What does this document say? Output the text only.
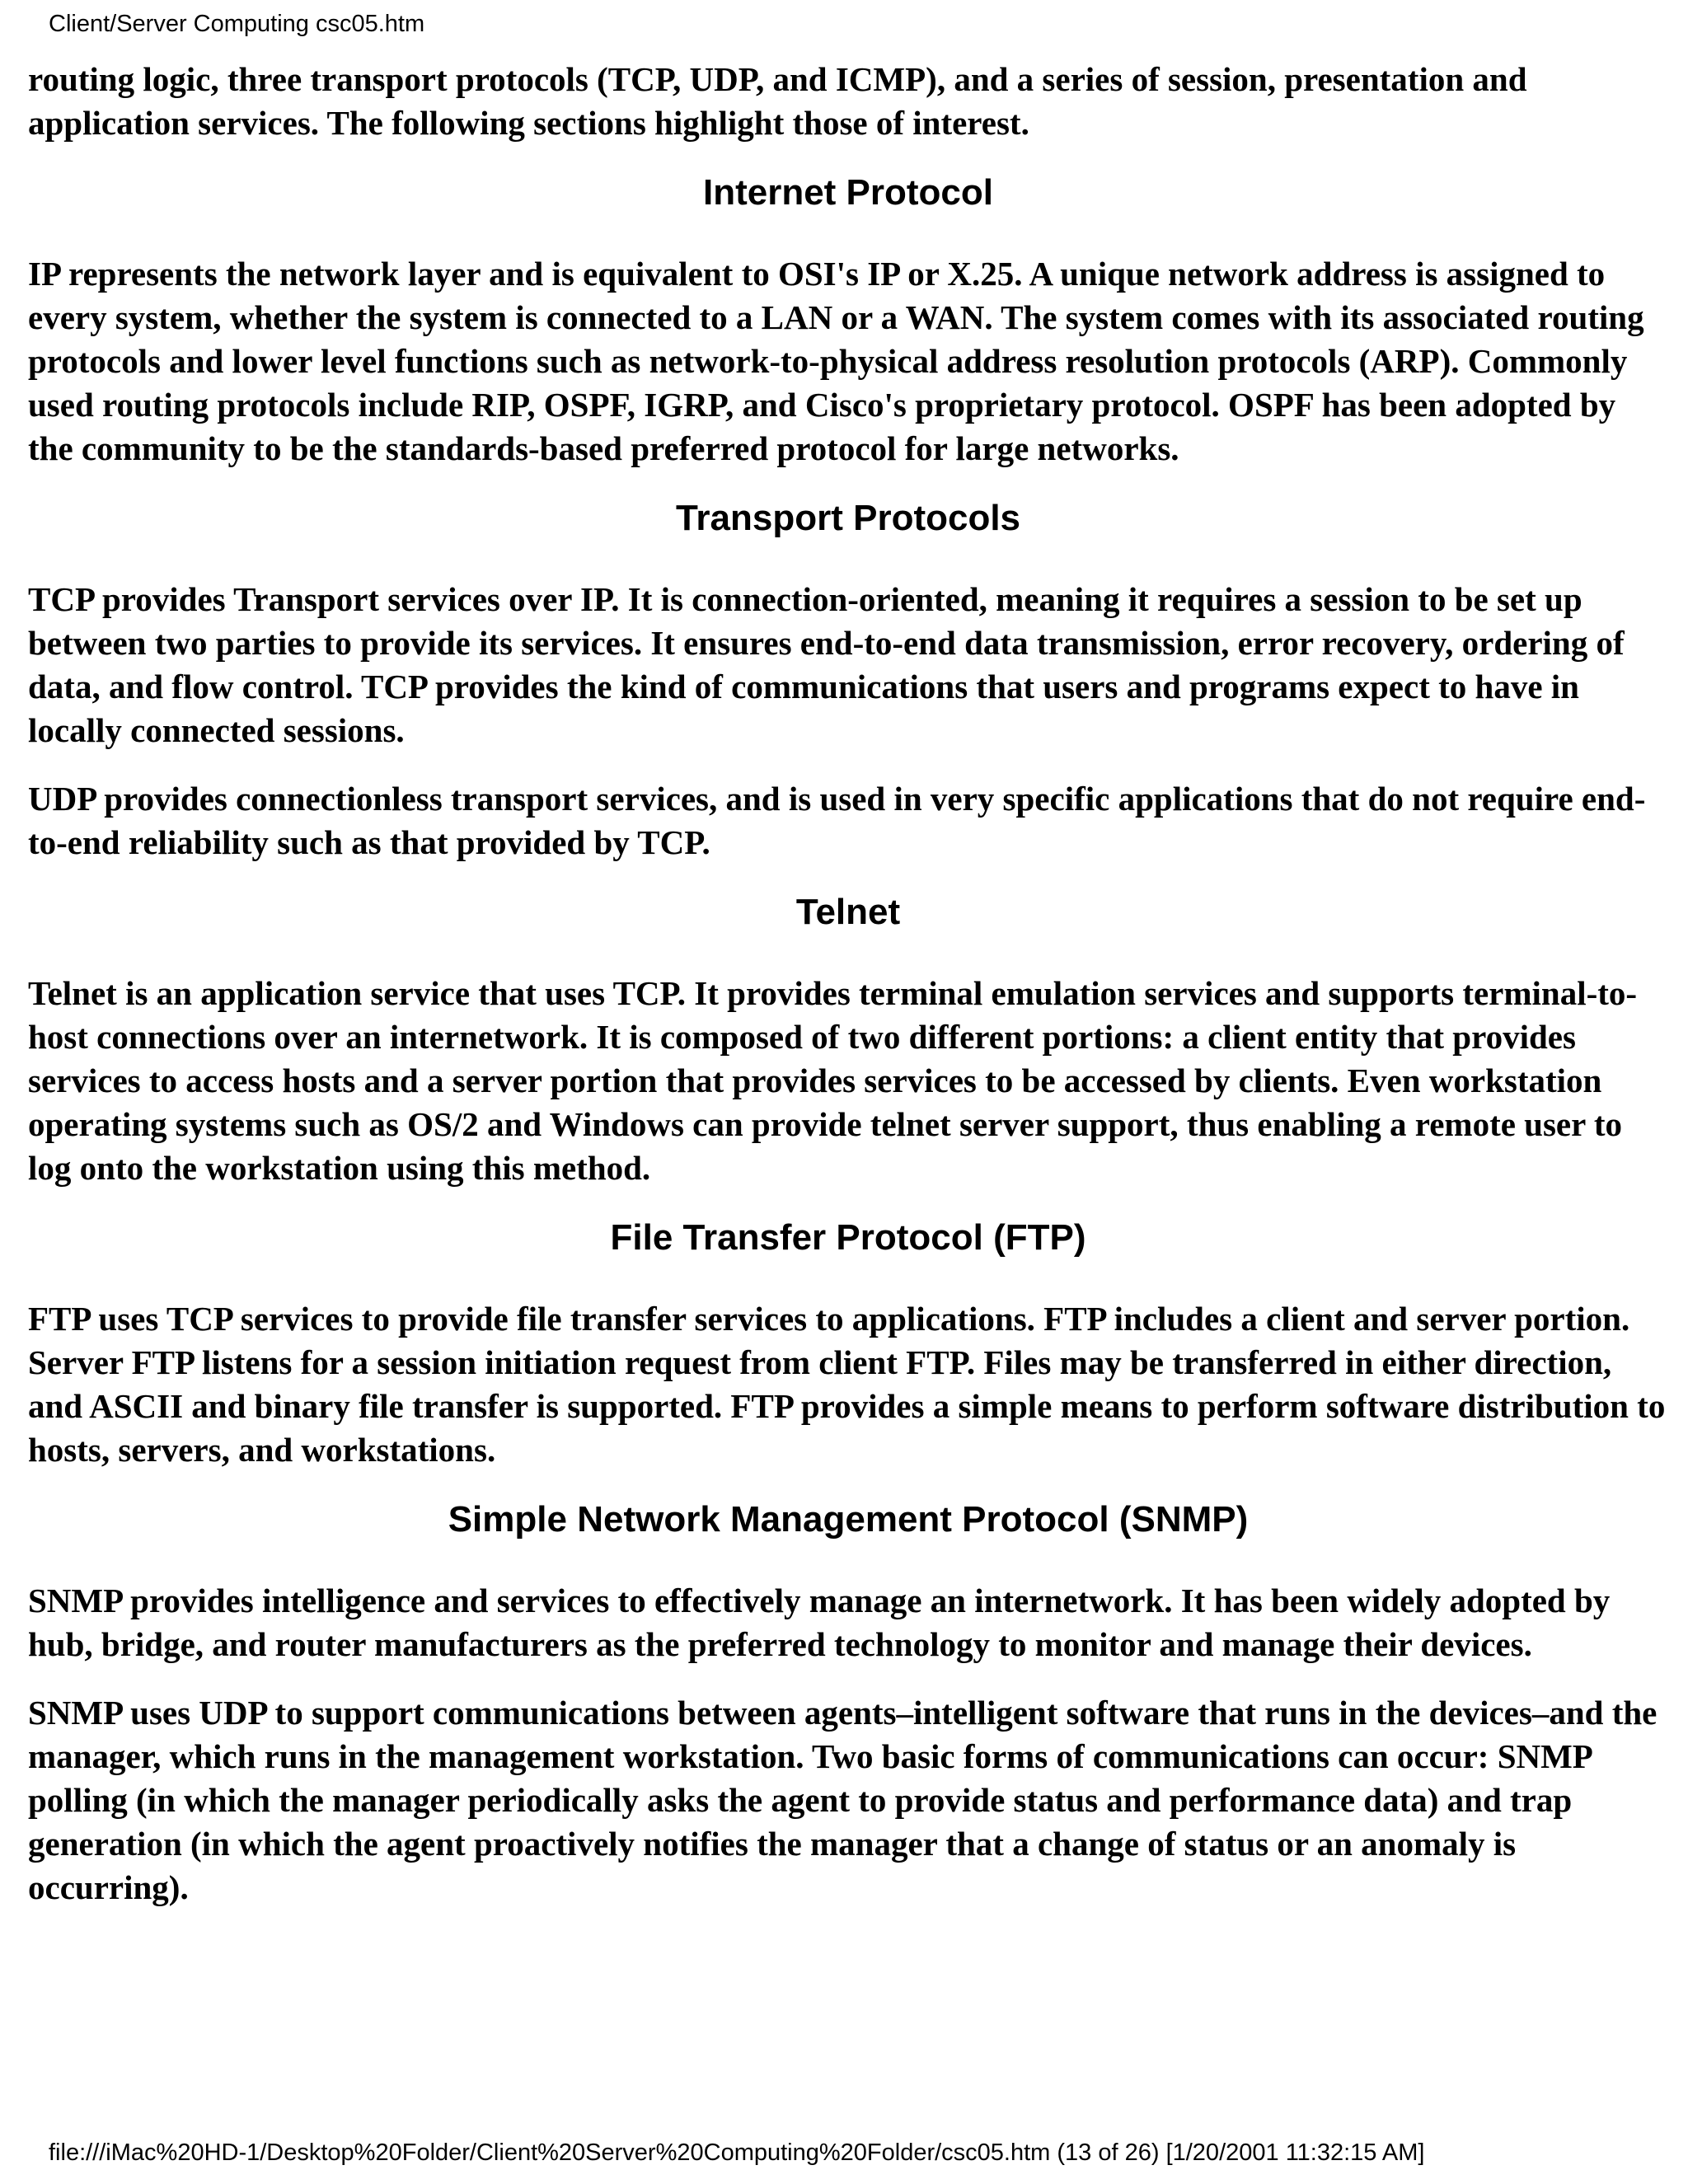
Client/Server Computing csc05.htm

routing logic, three transport protocols (TCP, UDP, and ICMP), and a series of session, presentation and application services. The following sections highlight those of interest.

Internet Protocol

IP represents the network layer and is equivalent to OSI's IP or X.25. A unique network address is assigned to every system, whether the system is connected to a LAN or a WAN. The system comes with its associated routing protocols and lower level functions such as network-to-physical address resolution protocols (ARP). Commonly used routing protocols include RIP, OSPF, IGRP, and Cisco's proprietary protocol. OSPF has been adopted by the community to be the standards-based preferred protocol for large networks.

Transport Protocols

TCP provides Transport services over IP. It is connection-oriented, meaning it requires a session to be set up between two parties to provide its services. It ensures end-to-end data transmission, error recovery, ordering of data, and flow control. TCP provides the kind of communications that users and programs expect to have in locally connected sessions.

UDP provides connectionless transport services, and is used in very specific applications that do not require end-to-end reliability such as that provided by TCP.

Telnet

Telnet is an application service that uses TCP. It provides terminal emulation services and supports terminal-to-host connections over an internetwork. It is composed of two different portions: a client entity that provides services to access hosts and a server portion that provides services to be accessed by clients. Even workstation operating systems such as OS/2 and Windows can provide telnet server support, thus enabling a remote user to log onto the workstation using this method.

File Transfer Protocol (FTP)

FTP uses TCP services to provide file transfer services to applications. FTP includes a client and server portion. Server FTP listens for a session initiation request from client FTP. Files may be transferred in either direction, and ASCII and binary file transfer is supported. FTP provides a simple means to perform software distribution to hosts, servers, and workstations.

Simple Network Management Protocol (SNMP)

SNMP provides intelligence and services to effectively manage an internetwork. It has been widely adopted by hub, bridge, and router manufacturers as the preferred technology to monitor and manage their devices.

SNMP uses UDP to support communications between agents–intelligent software that runs in the devices–and the manager, which runs in the management workstation. Two basic forms of communications can occur: SNMP polling (in which the manager periodically asks the agent to provide status and performance data) and trap generation (in which the agent proactively notifies the manager that a change of status or an anomaly is occurring).

file:///iMac%20HD-1/Desktop%20Folder/Client%20Server%20Computing%20Folder/csc05.htm (13 of 26) [1/20/2001 11:32:15 AM]
